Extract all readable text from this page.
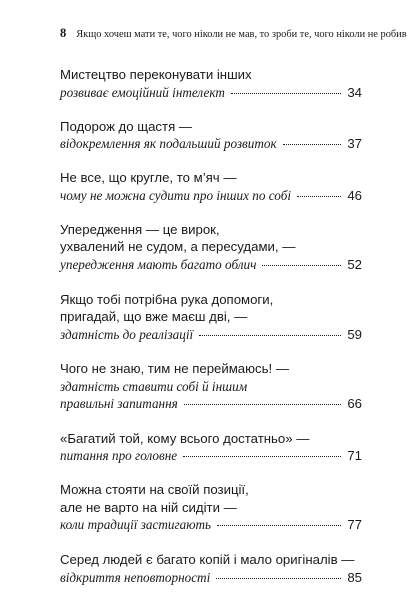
8 Якщо хочеш мати те, чого ніколи не мав, то зроби те, чого ніколи не робив
Мистецтво переконувати інших
розвиває емоційний інтелект	34
Подорож до щастя —
відокремлення як подальший розвиток	37
Не все, що кругле, то м’яч —
чому не можна судити про інших по собі	46
Упередження — це вирок,
ухвалений не судом, а пересудами, —
упередження мають багато облич	52
Якщо тобі потрібна рука допомоги,
пригадай, що вже маєш дві, —
здатність до реалізації	59
Чого не знаю, тим не переймаюсь! —
здатність ставити собі й іншим
правильні запитання	66
«Багатий той, кому всього достатньо» —
питання про головне	71
Можна стояти на своїй позиції,
але не варто на ній сидіти —
коли традиції застигають	77
Серед людей є багато копій і мало оригіналів —
відкриття неповторності	85
